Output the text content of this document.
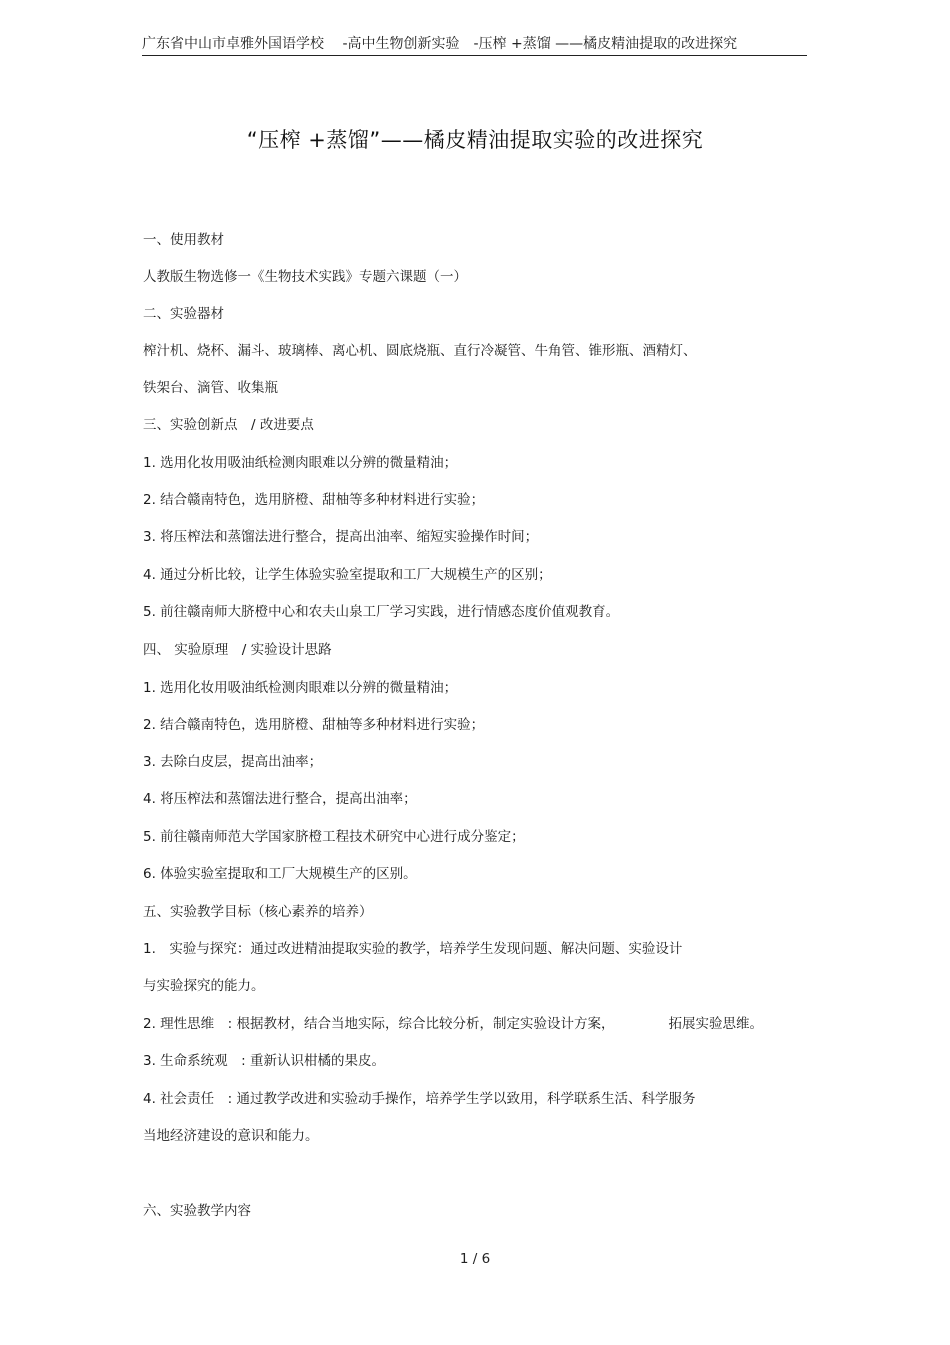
广东省中山市卓雅外国语学校　 -高中生物创新实验　-压榨 +蒸馏 ——橘皮精油提取的改进探究
“压榨 +蒸馏”——橘皮精油提取实验的改进探究
一、使用教材
人教版生物选修一《生物技术实践》专题六课题（一）
二、实验器材
榨汁机、烧杯、漏斗、玻璃棒、离心机、圆底烧瓶、直行冷凝管、牛角管、锥形瓶、酒精灯、
铁架台、滴管、收集瓶
三、实验创新点　/ 改进要点
1. 选用化妆用吸油纸检测肉眼难以分辨的微量精油；
2. 结合赣南特色，选用脐橙、甜柚等多种材料进行实验；
3. 将压榨法和蒸馏法进行整合，提高出油率、缩短实验操作时间；
4. 通过分析比较，让学生体验实验室提取和工厂大规模生产的区别；
5. 前往赣南师大脐橙中心和农夫山泉工厂学习实践，进行情感态度价值观教育。
四、 实验原理　/ 实验设计思路
1. 选用化妆用吸油纸检测肉眼难以分辨的微量精油；
2. 结合赣南特色，选用脐橙、甜柚等多种材料进行实验；
3. 去除白皮层，提高出油率；
4. 将压榨法和蒸馏法进行整合，提高出油率；
5. 前往赣南师范大学国家脐橙工程技术研究中心进行成分鉴定；
6. 体验实验室提取和工厂大规模生产的区别。
五、实验教学目标（核心素养的培养）
1.　实验与探究：通过改进精油提取实验的教学，培养学生发现问题、解决问题、实验设计
与实验探究的能力。
2. 理性思维　: 根据教材，结合当地实际，综合比较分析，制定实验设计方案，	拓展实验思维。
3. 生命系统观　: 重新认识柑橘的果皮。
4. 社会责任　: 通过教学改进和实验动手操作，培养学生学以致用，科学联系生活、科学服务
当地经济建设的意识和能力。
六、实验教学内容
1 / 6
